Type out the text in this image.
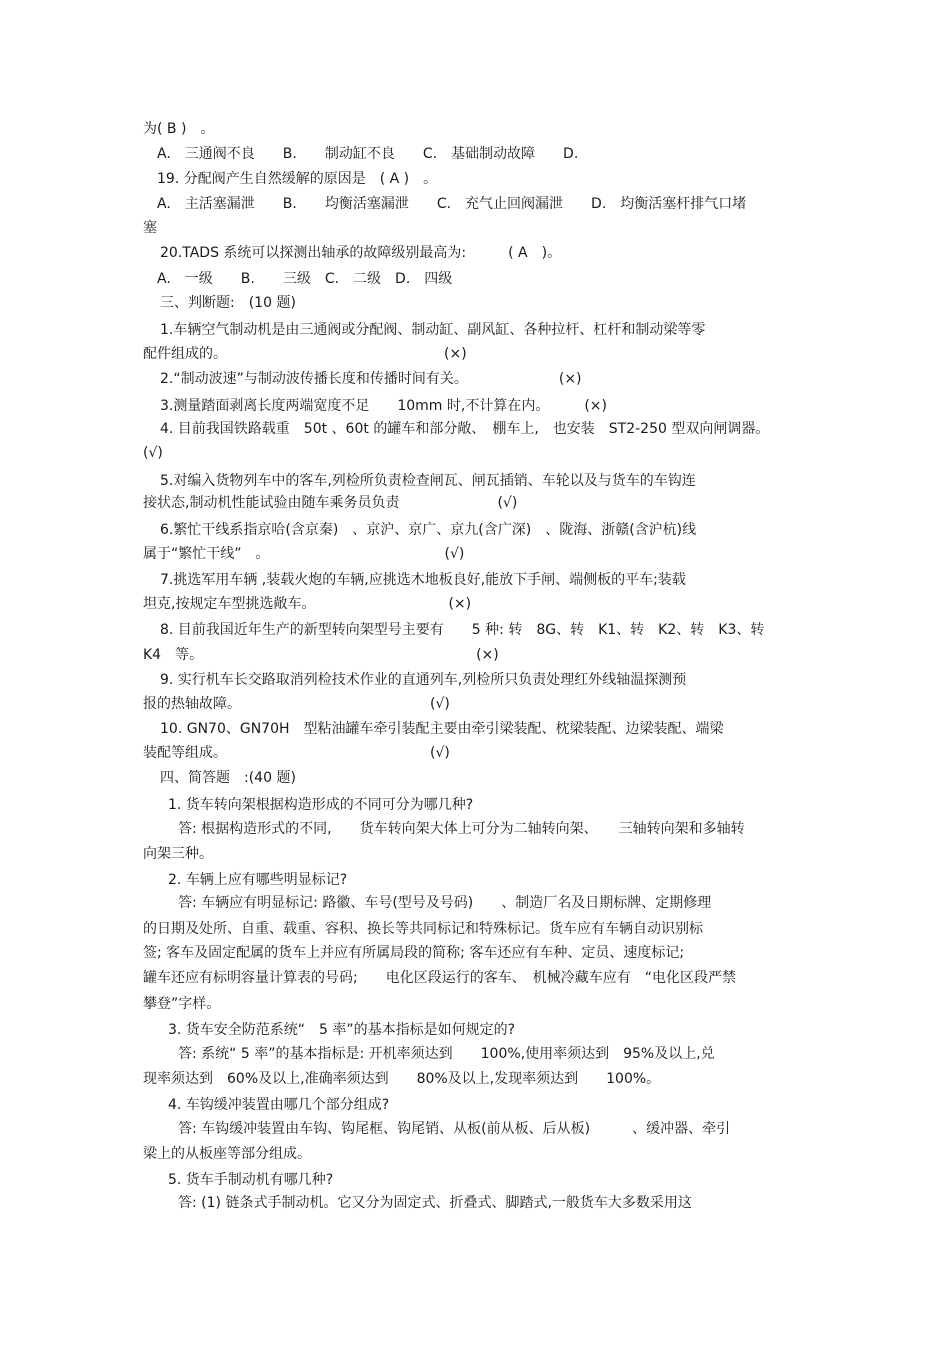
为( B )　。
A.　三通阀不良　　B.　　制动缸不良　　C.　基础制动故障　　D.
19. 分配阀产生自然缓解的原因是　( A )　。
A.　主活塞漏泄　　B.　　均衡活塞漏泄　　C.　充气止回阀漏泄　　D.　均衡活塞杆排气口堵
塞
20.TADS 系统可以探测出轴承的故障级别最高为:　　　( A　)。
A.　一级　　B.　　三级　C.　二级　D.　四级
三、判断题:　(10 题)
1.车辆空气制动机是由三通阀或分配阀、制动缸、副风缸、各种拉杆、杠杆和制动梁等零
配件组成的。　　　　　　　　　　　　　　　　(×)
2.“制动波速”与制动波传播长度和传播时间有关。　　　　　　　(×)
3.测量踏面剥离长度两端宽度不足　　10mm 时,不计算在内。　　　(×)
4. 目前我国铁路载重　50t 、60t 的罐车和部分敞、　棚车上,　也安装　ST2-250 型双向闸调器。
(√)
5.对编入货物列车中的客车,列检所负责检查闸瓦、闸瓦插销、车轮以及与货车的车钩连
接状态,制动机性能试验由随车乘务员负责　　　　　　　(√)
6.繁忙干线系指京哈(含京秦)　、京沪、京广、京九(含广深)　、陇海、浙赣(含沪杭)线
属于“繁忙干线”　。　　　　　　　　　　　　　(√)
7.挑选军用车辆 ,装载火炮的车辆,应挑选木地板良好,能放下手闸、端侧板的平车;装载
坦克,按规定车型挑选敞车。　　　　　　　　　　(×)
8. 目前我国近年生产的新型转向架型号主要有　　5 种: 转　8G、转　K1、转　K2、转　K3、转
K4　等。　　　　　　　　　　　　　　　　　　　　(×)
9. 实行机车长交路取消列检技术作业的直通列车,列检所只负责处理红外线轴温探测预
报的热轴故障。　　　　　　　　　　　　　　(√)
10. GN70、GN70H　型粘油罐车牵引装配主要由牵引梁装配、枕梁装配、边梁装配、端梁
装配等组成。　　　　　　　　　　　　　　　(√)
四、简答题　:(40 题)
1. 货车转向架根据构造形成的不同可分为哪几种?
答: 根据构造形式的不同,　　货车转向架大体上可分为二轴转向架、　　三轴转向架和多轴转
向架三种。
2. 车辆上应有哪些明显标记?
答: 车辆应有明显标记: 路徽、车号(型号及号码)　　、制造厂名及日期标牌、定期修理
的日期及处所、自重、载重、容积、换长等共同标记和特殊标记。货车应有车辆自动识别标
签; 客车及固定配属的货车上并应有所属局段的简称; 客车还应有车种、定员、速度标记;
罐车还应有标明容量计算表的号码;　　电化区段运行的客车、　机械冷藏车应有　“电化区段严禁
攀登”字样。
3. 货车安全防范系统“　5 率”的基本指标是如何规定的?
答: 系统“ 5 率”的基本指标是: 开机率须达到　　100%,使用率须达到　95%及以上,兑
现率须达到　60%及以上,准确率须达到　　80%及以上,发现率须达到　　100%。
4. 车钩缓冲装置由哪几个部分组成?
答: 车钩缓冲装置由车钩、钩尾框、钩尾销、从板(前从板、后从板)　　　、缓冲器、牵引
梁上的从板座等部分组成。
5. 货车手制动机有哪几种?
答: (1) 链条式手制动机。它又分为固定式、折叠式、脚踏式,一般货车大多数采用这
